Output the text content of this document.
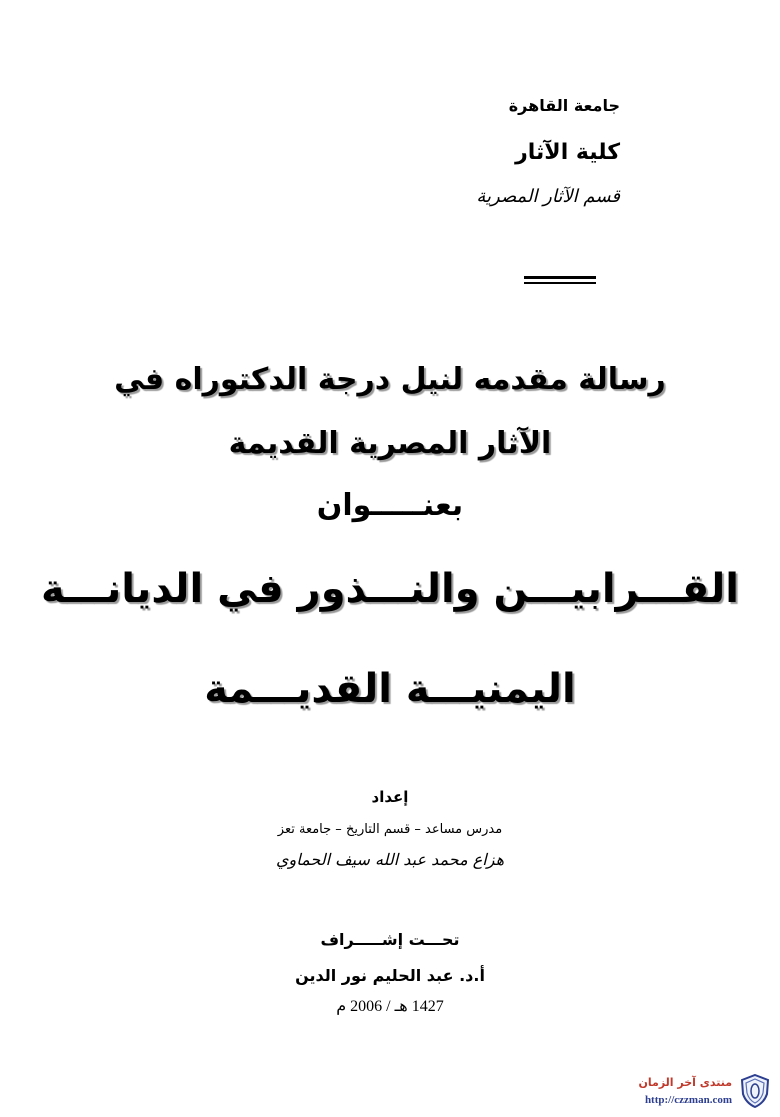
جامعة القاهرة
كلية الآثار
قسم الآثار المصرية
رسالة مقدمه لنيل درجة الدكتوراه في
الآثار المصرية القديمة
بعنـــــوان
القـــرابيـــن والنـــذور في الديانـــة
اليمنيـــة القديـــمة
إعداد
مدرس مساعد – قسم التاريخ – جامعة تعز
هزاع محمد عبد الله سيف الحماوي
تحـــت إشـــــراف
أ.د. عبد الحليم نور الدين
1427 هـ / 2006 م
منتدى آخر الزمان
http://czzman.com
